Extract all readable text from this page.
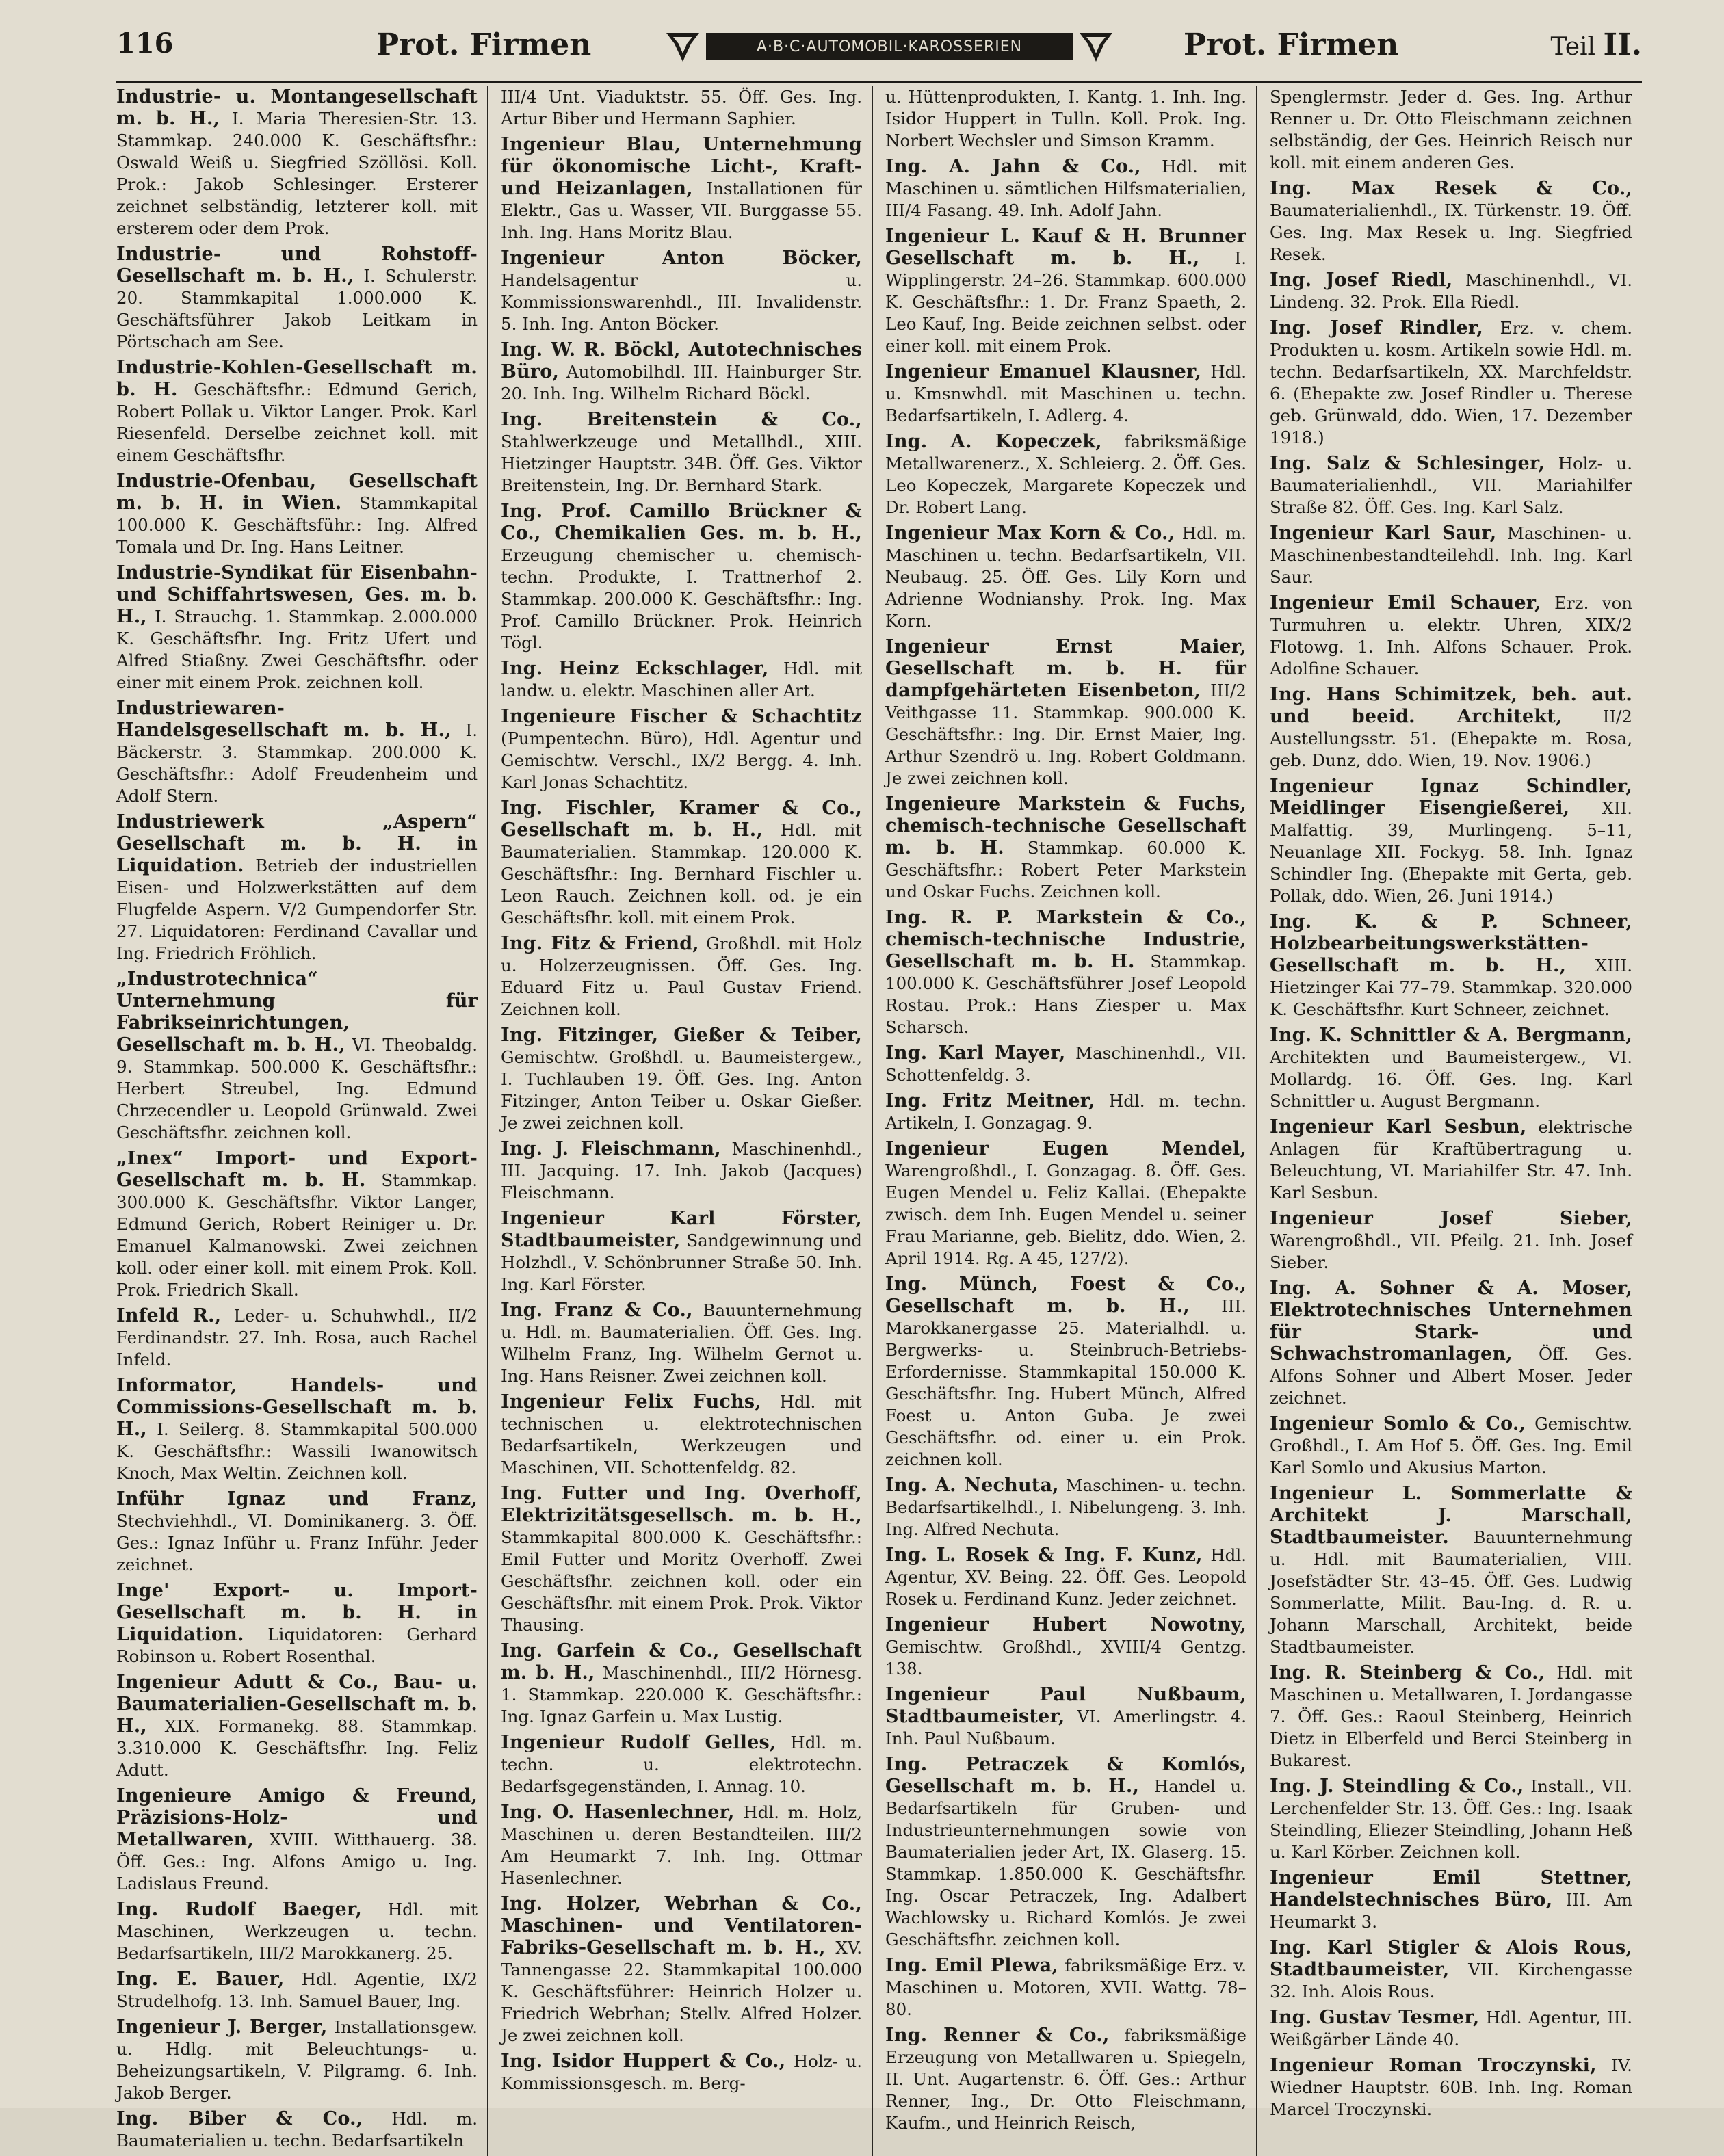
116	Prot. Firmen	A·B·C·AUTOMOBIL·KAROSSERIEN	Prot. Firmen	Teil II.

Industrie- u. Montangesellschaft m. b. H., I. Maria Theresien-Str. 13. Stammkap. 240.000 K. Geschäftsfhr.: Oswald Weiß u. Siegfried Szöllösi. Koll. Prok.: Jakob Schlesinger. Ersterer zeichnet selbständig, letzterer koll. mit ersterem oder dem Prok.

Industrie- und Rohstoff-Gesellschaft m. b. H., I. Schulerstr. 20. Stammkapital 1.000.000 K. Geschäftsführer Jakob Leitkam in Pörtschach am See.

Industrie-Kohlen-Gesellschaft m. b. H. Geschäftsfhr.: Edmund Gerich, Robert Pollak u. Viktor Langer. Prok. Karl Riesenfeld. Derselbe zeichnet koll. mit einem Geschäftsfhr.

Industrie-Ofenbau, Gesellschaft m. b. H. in Wien. Stammkapital 100.000 K. Geschäftsführ.: Ing. Alfred Tomala und Dr. Ing. Hans Leitner.

Industrie-Syndikat für Eisenbahn- und Schiffahrtswesen, Ges. m. b. H., I. Strauchg. 1. Stammkap. 2.000.000 K. Geschäftsfhr. Ing. Fritz Ufert und Alfred Stiaßny. Zwei Geschäftsfhr. oder einer mit einem Prok. zeichnen koll.

Industriewaren-Handelsgesellschaft m. b. H., I. Bäckerstr. 3. Stammkap. 200.000 K. Geschäftsfhr.: Adolf Freudenheim und Adolf Stern.

Industriewerk „Aspern“ Gesellschaft m. b. H. in Liquidation. Betrieb der industriellen Eisen- und Holzwerkstätten auf dem Flugfelde Aspern. V/2 Gumpendorfer Str. 27. Liquidatoren: Ferdinand Cavallar und Ing. Friedrich Fröhlich.

„Industrotechnica“ Unternehmung für Fabrikseinrichtungen, Gesellschaft m. b. H., VI. Theobaldg. 9. Stammkap. 500.000 K. Geschäftsfhr.: Herbert Streubel, Ing. Edmund Chrzecendler u. Leopold Grünwald. Zwei Geschäftsfhr. zeichnen koll.

„Inex“ Import- und Export-Gesellschaft m. b. H. Stammkap. 300.000 K. Geschäftsfhr. Viktor Langer, Edmund Gerich, Robert Reiniger u. Dr. Emanuel Kalmanowski. Zwei zeichnen koll. oder einer koll. mit einem Prok. Koll. Prok. Friedrich Skall.

Infeld R., Leder- u. Schuhwhdl., II/2 Ferdinandstr. 27. Inh. Rosa, auch Rachel Infeld.

Informator, Handels- und Commissions-Gesellschaft m. b. H., I. Seilerg. 8. Stammkapital 500.000 K. Geschäftsfhr.: Wassili Iwanowitsch Knoch, Max Weltin. Zeichnen koll.

Inführ Ignaz und Franz, Stechviehhdl., VI. Dominikanerg. 3. Öff. Ges.: Ignaz Inführ u. Franz Inführ. Jeder zeichnet.

Inge' Export- u. Import-Gesellschaft m. b. H. in Liquidation. Liquidatoren: Gerhard Robinson u. Robert Rosenthal.

Ingenieur Adutt & Co., Bau- u. Baumaterialien-Gesellschaft m. b. H., XIX. Formanekg. 88. Stammkap. 3.310.000 K. Geschäftsfhr. Ing. Feliz Adutt.

Ingenieure Amigo & Freund, Präzisions-Holz- und Metallwaren, XVIII. Witthauerg. 38. Öff. Ges.: Ing. Alfons Amigo u. Ing. Ladislaus Freund.

Ing. Rudolf Baeger, Hdl. mit Maschinen, Werkzeugen u. techn. Bedarfsartikeln, III/2 Marokkanerg. 25.

Ing. E. Bauer, Hdl. Agentie, IX/2 Strudelhofg. 13. Inh. Samuel Bauer, Ing.

Ingenieur J. Berger, Installationsgew. u. Hdlg. mit Beleuchtungs- u. Beheizungsartikeln, V. Pilgramg. 6. Inh. Jakob Berger.

Ing. Biber & Co., Hdl. m. Baumaterialien u. techn. Bedarfsartikeln

III/4 Unt. Viaduktstr. 55. Öff. Ges. Ing. Artur Biber und Hermann Saphier.

Ingenieur Blau, Unternehmung für ökonomische Licht-, Kraft- und Heizanlagen, Installationen für Elektr., Gas u. Wasser, VII. Burggasse 55. Inh. Ing. Hans Moritz Blau.

Ingenieur Anton Böcker, Handelsagentur u. Kommissionswarenhdl., III. Invalidenstr. 5. Inh. Ing. Anton Böcker.

Ing. W. R. Böckl, Autotechnisches Büro, Automobilhdl. III. Hainburger Str. 20. Inh. Ing. Wilhelm Richard Böckl.

Ing. Breitenstein & Co., Stahlwerkzeuge und Metallhdl., XIII. Hietzinger Hauptstr. 34B. Öff. Ges. Viktor Breitenstein, Ing. Dr. Bernhard Stark.

Ing. Prof. Camillo Brückner & Co., Chemikalien Ges. m. b. H., Erzeugung chemischer u. chemisch-techn. Produkte, I. Trattnerhof 2. Stammkap. 200.000 K. Geschäftsfhr.: Ing. Prof. Camillo Brückner. Prok. Heinrich Tögl.

Ing. Heinz Eckschlager, Hdl. mit landw. u. elektr. Maschinen aller Art.

Ingenieure Fischer & Schachtitz (Pumpentechn. Büro), Hdl. Agentur und Gemischtw. Verschl., IX/2 Bergg. 4. Inh. Karl Jonas Schachtitz.

Ing. Fischler, Kramer & Co., Gesellschaft m. b. H., Hdl. mit Baumaterialien. Stammkap. 120.000 K. Geschäftsfhr.: Ing. Bernhard Fischler u. Leon Rauch. Zeichnen koll. od. je ein Geschäftsfhr. koll. mit einem Prok.

Ing. Fitz & Friend, Großhdl. mit Holz u. Holzerzeugnissen. Öff. Ges. Ing. Eduard Fitz u. Paul Gustav Friend. Zeichnen koll.

Ing. Fitzinger, Gießer & Teiber, Gemischtw. Großhdl. u. Baumeistergew., I. Tuchlauben 19. Öff. Ges. Ing. Anton Fitzinger, Anton Teiber u. Oskar Gießer. Je zwei zeichnen koll.

Ing. J. Fleischmann, Maschinenhdl., III. Jacquing. 17. Inh. Jakob (Jacques) Fleischmann.

Ingenieur Karl Förster, Stadtbaumeister, Sandgewinnung und Holzhdl., V. Schönbrunner Straße 50. Inh. Ing. Karl Förster.

Ing. Franz & Co., Bauunternehmung u. Hdl. m. Baumaterialien. Öff. Ges. Ing. Wilhelm Franz, Ing. Wilhelm Gernot u. Ing. Hans Reisner. Zwei zeichnen koll.

Ingenieur Felix Fuchs, Hdl. mit technischen u. elektrotechnischen Bedarfsartikeln, Werkzeugen und Maschinen, VII. Schottenfeldg. 82.

Ing. Futter und Ing. Overhoff, Elektrizitätsgesellsch. m. b. H., Stammkapital 800.000 K. Geschäftsfhr.: Emil Futter und Moritz Overhoff. Zwei Geschäftsfhr. zeichnen koll. oder ein Geschäftsfhr. mit einem Prok. Prok. Viktor Thausing.

Ing. Garfein & Co., Gesellschaft m. b. H., Maschinenhdl., III/2 Hörnesg. 1. Stammkap. 220.000 K. Geschäftsfhr.: Ing. Ignaz Garfein u. Max Lustig.

Ingenieur Rudolf Gelles, Hdl. m. techn. u. elektrotechn. Bedarfsgegenständen, I. Annag. 10.

Ing. O. Hasenlechner, Hdl. m. Holz, Maschinen u. deren Bestandteilen. III/2 Am Heumarkt 7. Inh. Ing. Ottmar Hasenlechner.

Ing. Holzer, Webrhan & Co., Maschinen- und Ventilatoren-Fabriks-Gesellschaft m. b. H., XV. Tannengasse 22. Stammkapital 100.000 K. Geschäftsführer: Heinrich Holzer u. Friedrich Webrhan; Stellv. Alfred Holzer. Je zwei zeichnen koll.

Ing. Isidor Huppert & Co., Holz- u. Kommissionsgesch. m. Berg-

u. Hüttenprodukten, I. Kantg. 1. Inh. Ing. Isidor Huppert in Tulln. Koll. Prok. Ing. Norbert Wechsler und Simson Kramm.

Ing. A. Jahn & Co., Hdl. mit Maschinen u. sämtlichen Hilfsmaterialien, III/4 Fasang. 49. Inh. Adolf Jahn.

Ingenieur L. Kauf & H. Brunner Gesellschaft m. b. H., I. Wipplingerstr. 24–26. Stammkap. 600.000 K. Geschäftsfhr.: 1. Dr. Franz Spaeth, 2. Leo Kauf, Ing. Beide zeichnen selbst. oder einer koll. mit einem Prok.

Ingenieur Emanuel Klausner, Hdl. u. Kmsnwhdl. mit Maschinen u. techn. Bedarfsartikeln, I. Adlerg. 4.

Ing. A. Kopeczek, fabriksmäßige Metallwarenerz., X. Schleierg. 2. Öff. Ges. Leo Kopeczek, Margarete Kopeczek und Dr. Robert Lang.

Ingenieur Max Korn & Co., Hdl. m. Maschinen u. techn. Bedarfsartikeln, VII. Neubaug. 25. Öff. Ges. Lily Korn und Adrienne Wodnianshy. Prok. Ing. Max Korn.

Ingenieur Ernst Maier, Gesellschaft m. b. H. für dampfgehärteten Eisenbeton, III/2 Veithgasse 11. Stammkap. 900.000 K. Geschäftsfhr.: Ing. Dir. Ernst Maier, Ing. Arthur Szendrö u. Ing. Robert Goldmann. Je zwei zeichnen koll.

Ingenieure Markstein & Fuchs, chemisch-technische Gesellschaft m. b. H. Stammkap. 60.000 K. Geschäftsfhr.: Robert Peter Markstein und Oskar Fuchs. Zeichnen koll.

Ing. R. P. Markstein & Co., chemisch-technische Industrie, Gesellschaft m. b. H. Stammkap. 100.000 K. Geschäftsführer Josef Leopold Rostau. Prok.: Hans Ziesper u. Max Scharsch.

Ing. Karl Mayer, Maschinenhdl., VII. Schottenfeldg. 3.

Ing. Fritz Meitner, Hdl. m. techn. Artikeln, I. Gonzagag. 9.

Ingenieur Eugen Mendel, Warengroßhdl., I. Gonzagag. 8. Öff. Ges. Eugen Mendel u. Feliz Kallai. (Ehepakte zwisch. dem Inh. Eugen Mendel u. seiner Frau Marianne, geb. Bielitz, ddo. Wien, 2. April 1914. Rg. A 45, 127/2).

Ing. Münch, Foest & Co., Gesellschaft m. b. H., III. Marokkanergasse 25. Materialhdl. u. Bergwerks- u. Steinbruch-Betriebs-Erfordernisse. Stammkapital 150.000 K. Geschäftsfhr. Ing. Hubert Münch, Alfred Foest u. Anton Guba. Je zwei Geschäftsfhr. od. einer u. ein Prok. zeichnen koll.

Ing. A. Nechuta, Maschinen- u. techn. Bedarfsartikelhdl., I. Nibelungeng. 3. Inh. Ing. Alfred Nechuta.

Ing. L. Rosek & Ing. F. Kunz, Hdl. Agentur, XV. Being. 22. Öff. Ges. Leopold Rosek u. Ferdinand Kunz. Jeder zeichnet.

Ingenieur Hubert Nowotny, Gemischtw. Großhdl., XVIII/4 Gentzg. 138.

Ingenieur Paul Nußbaum, Stadtbaumeister, VI. Amerlingstr. 4. Inh. Paul Nußbaum.

Ing. Petraczek & Komlós, Gesellschaft m. b. H., Handel u. Bedarfsartikeln für Gruben- und Industrieunternehmungen sowie von Baumaterialien jeder Art, IX. Glaserg. 15. Stammkap. 1.850.000 K. Geschäftsfhr. Ing. Oscar Petraczek, Ing. Adalbert Wachlowsky u. Richard Komlós. Je zwei Geschäftsfhr. zeichnen koll.

Ing. Emil Plewa, fabriksmäßige Erz. v. Maschinen u. Motoren, XVII. Wattg. 78–80.

Ing. Renner & Co., fabriksmäßige Erzeugung von Metallwaren u. Spiegeln, II. Unt. Augartenstr. 6. Öff. Ges.: Arthur Renner, Ing., Dr. Otto Fleischmann, Kaufm., und Heinrich Reisch,

Spenglermstr. Jeder d. Ges. Ing. Arthur Renner u. Dr. Otto Fleischmann zeichnen selbständig, der Ges. Heinrich Reisch nur koll. mit einem anderen Ges.

Ing. Max Resek & Co., Baumaterialienhdl., IX. Türkenstr. 19. Öff. Ges. Ing. Max Resek u. Ing. Siegfried Resek.

Ing. Josef Riedl, Maschinenhdl., VI. Lindeng. 32. Prok. Ella Riedl.

Ing. Josef Rindler, Erz. v. chem. Produkten u. kosm. Artikeln sowie Hdl. m. techn. Bedarfsartikeln, XX. Marchfeldstr. 6. (Ehepakte zw. Josef Rindler u. Therese geb. Grünwald, ddo. Wien, 17. Dezember 1918.)

Ing. Salz & Schlesinger, Holz- u. Baumaterialienhdl., VII. Mariahilfer Straße 82. Öff. Ges. Ing. Karl Salz.

Ingenieur Karl Saur, Maschinen- u. Maschinenbestandteilehdl. Inh. Ing. Karl Saur.

Ingenieur Emil Schauer, Erz. von Turmuhren u. elektr. Uhren, XIX/2 Flotowg. 1. Inh. Alfons Schauer. Prok. Adolfine Schauer.

Ing. Hans Schimitzek, beh. aut. und beeid. Architekt, II/2 Austellungsstr. 51. (Ehepakte m. Rosa, geb. Dunz, ddo. Wien, 19. Nov. 1906.)

Ingenieur Ignaz Schindler, Meidlinger Eisengießerei, XII. Malfattig. 39, Murlingeng. 5–11, Neuanlage XII. Fockyg. 58. Inh. Ignaz Schindler Ing. (Ehepakte mit Gerta, geb. Pollak, ddo. Wien, 26. Juni 1914.)

Ing. K. & P. Schneer, Holzbearbeitungswerkstätten-Gesellschaft m. b. H., XIII. Hietzinger Kai 77–79. Stammkap. 320.000 K. Geschäftsfhr. Kurt Schneer, zeichnet.

Ing. K. Schnittler & A. Bergmann, Architekten und Baumeistergew., VI. Mollardg. 16. Öff. Ges. Ing. Karl Schnittler u. August Bergmann.

Ingenieur Karl Sesbun, elektrische Anlagen für Kraftübertragung u. Beleuchtung, VI. Mariahilfer Str. 47. Inh. Karl Sesbun.

Ingenieur Josef Sieber, Warengroßhdl., VII. Pfeilg. 21. Inh. Josef Sieber.

Ing. A. Sohner & A. Moser, Elektrotechnisches Unternehmen für Stark- und Schwachstromanlagen, Öff. Ges. Alfons Sohner und Albert Moser. Jeder zeichnet.

Ingenieur Somlo & Co., Gemischtw. Großhdl., I. Am Hof 5. Öff. Ges. Ing. Emil Karl Somlo und Akusius Marton.

Ingenieur L. Sommerlatte & Architekt J. Marschall, Stadtbaumeister. Bauunternehmung u. Hdl. mit Baumaterialien, VIII. Josefstädter Str. 43–45. Öff. Ges. Ludwig Sommerlatte, Milit. Bau-Ing. d. R. u. Johann Marschall, Architekt, beide Stadtbaumeister.

Ing. R. Steinberg & Co., Hdl. mit Maschinen u. Metallwaren, I. Jordangasse 7. Öff. Ges.: Raoul Steinberg, Heinrich Dietz in Elberfeld und Berci Steinberg in Bukarest.

Ing. J. Steindling & Co., Install., VII. Lerchenfelder Str. 13. Öff. Ges.: Ing. Isaak Steindling, Eliezer Steindling, Johann Heß u. Karl Körber. Zeichnen koll.

Ingenieur Emil Stettner, Handelstechnisches Büro, III. Am Heumarkt 3.

Ing. Karl Stigler & Alois Rous, Stadtbaumeister, VII. Kirchengasse 32. Inh. Alois Rous.

Ing. Gustav Tesmer, Hdl. Agentur, III. Weißgärber Lände 40.

Ingenieur Roman Troczynski, IV. Wiedner Hauptstr. 60B. Inh. Ing. Roman Marcel Troczynski.
